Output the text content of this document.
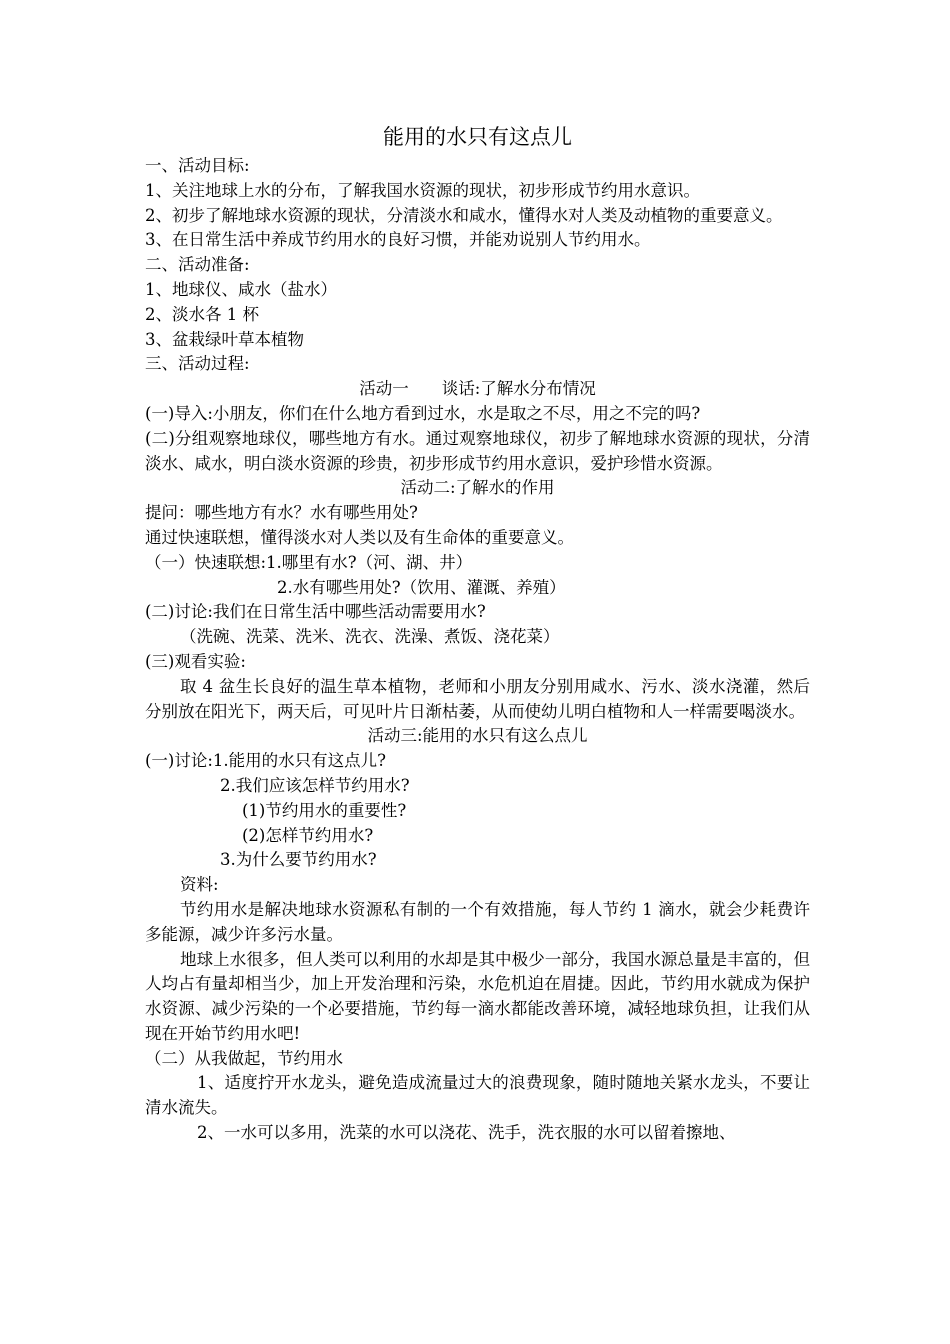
能用的水只有这点儿

一、活动目标:

1、关注地球上水的分布，了解我国水资源的现状，初步形成节约用水意识。

2、初步了解地球水资源的现状，分清淡水和咸水，懂得水对人类及动植物的重要意义。

3、在日常生活中养成节约用水的良好习惯，并能劝说别人节约用水。

二、活动准备:

1、地球仪、咸水（盐水）

2、淡水各 1 杯

3、盆栽绿叶草本植物

三、活动过程:

活动一　　谈话:了解水分布情况

(一)导入:小朋友，你们在什么地方看到过水，水是取之不尽，用之不完的吗?

(二)分组观察地球仪，哪些地方有水。通过观察地球仪，初步了解地球水资源的现状，分清淡水、咸水，明白淡水资源的珍贵，初步形成节约用水意识，爱护珍惜水资源。

活动二:了解水的作用

提问：哪些地方有水？水有哪些用处?

通过快速联想，懂得淡水对人类以及有生命体的重要意义。

（一）快速联想:1.哪里有水?（河、湖、井）

2.水有哪些用处?（饮用、灌溉、养殖）

(二)讨论:我们在日常生活中哪些活动需要用水?

（洗碗、洗菜、洗米、洗衣、洗澡、煮饭、浇花菜）

(三)观看实验:

取 4 盆生长良好的温生草本植物，老师和小朋友分别用咸水、污水、淡水浇灌，然后分别放在阳光下，两天后，可见叶片日渐枯萎，从而使幼儿明白植物和人一样需要喝淡水。

活动三:能用的水只有这么点儿

(一)讨论:1.能用的水只有这点儿?

2.我们应该怎样节约用水?

(1)节约用水的重要性?

(2)怎样节约用水?

3.为什么要节约用水?

资料:

节约用水是解决地球水资源私有制的一个有效措施，每人节约 1 滴水，就会少耗费许多能源，减少许多污水量。

地球上水很多，但人类可以利用的水却是其中极少一部分，我国水源总量是丰富的，但人均占有量却相当少，加上开发治理和污染，水危机迫在眉捷。因此，节约用水就成为保护水资源、减少污染的一个必要措施，节约每一滴水都能改善环境，减轻地球负担，让我们从现在开始节约用水吧!

（二）从我做起，节约用水

1、适度拧开水龙头，避免造成流量过大的浪费现象，随时随地关紧水龙头，不要让清水流失。

2、一水可以多用，洗菜的水可以浇花、洗手，洗衣服的水可以留着擦地、
